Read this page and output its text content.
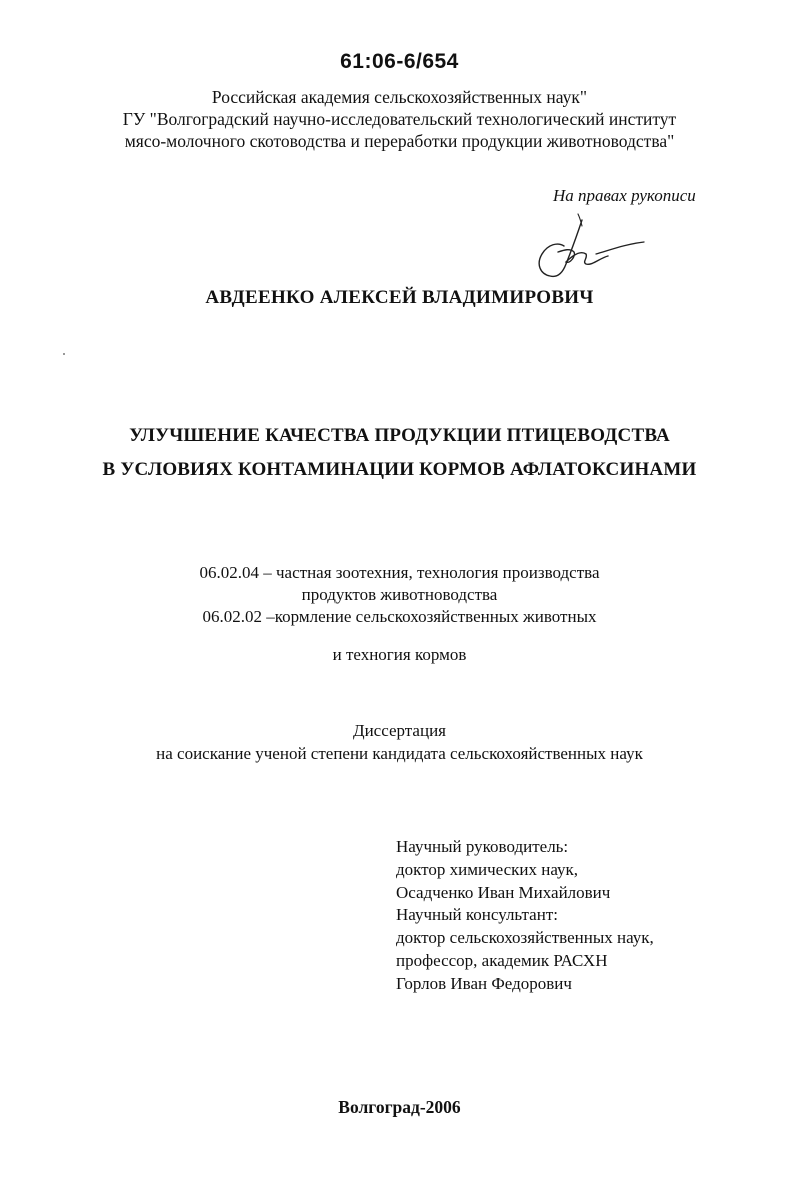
61:06-6/654
Российская академия сельскохозяйственных наук"
ГУ "Волгоградский научно-исследовательский технологический институт
мясо-молочного скотоводства и переработки продукции животноводства"
На правах рукописи
АВДЕЕНКО АЛЕКСЕЙ ВЛАДИМИРОВИЧ
УЛУЧШЕНИЕ КАЧЕСТВА ПРОДУКЦИИ ПТИЦЕВОДСТВА
В УСЛОВИЯХ КОНТАМИНАЦИИ КОРМОВ АФЛАТОКСИНАМИ
06.02.04 – частная зоотехния, технология производства
продуктов животноводства
06.02.02 –кормление сельскохозяйственных животных
и техногия кормов
Диссертация
на соискание ученой степени кандидата сельскохояйственных наук
Научный руководитель:
доктор химических наук,
Осадченко Иван Михайлович
Научный консультант:
доктор сельскохозяйственных наук,
профессор, академик РАСХН
Горлов Иван Федорович
Волгоград-2006
